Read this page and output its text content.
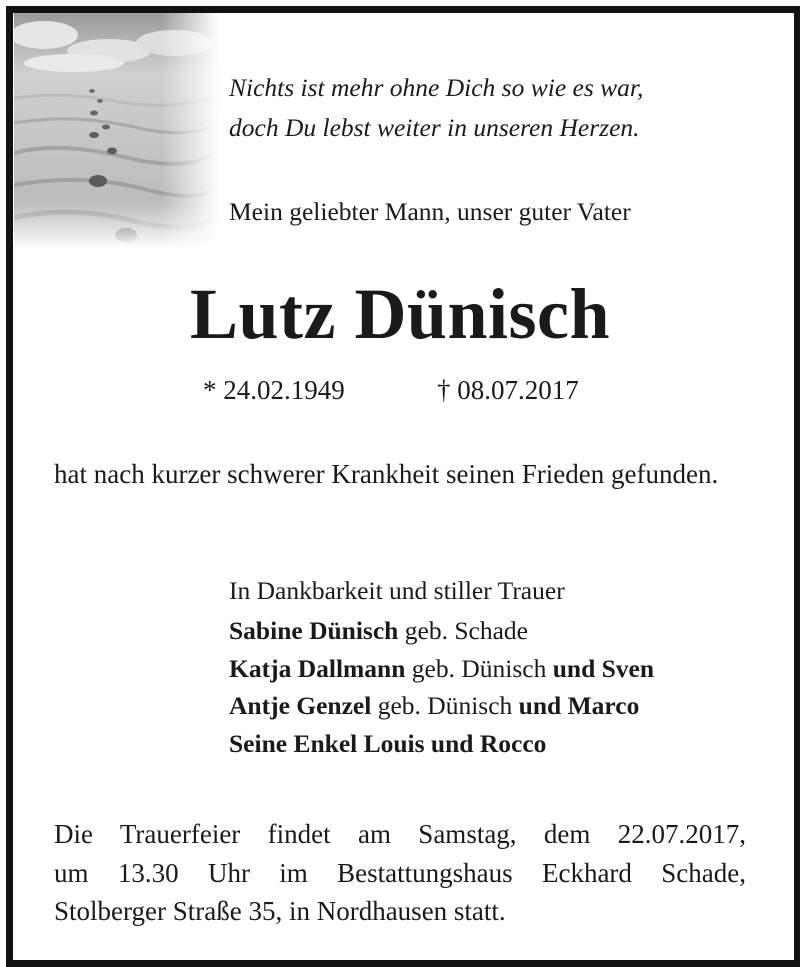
Nichts ist mehr ohne Dich so wie es war,
doch Du lebst weiter in unseren Herzen.
Mein geliebter Mann, unser guter Vater
Lutz Dünisch
* 24.02.1949	† 08.07.2017
hat nach kurzer schwerer Krankheit seinen Frieden gefunden.
In Dankbarkeit und stiller Trauer
Sabine Dünisch geb. Schade
Katja Dallmann geb. Dünisch und Sven
Antje Genzel geb. Dünisch und Marco
Seine Enkel Louis und Rocco
Die Trauerfeier findet am Samstag, dem 22.07.2017,
um 13.30 Uhr im Bestattungshaus Eckhard Schade,
Stolberger Straße 35, in Nordhausen statt.
